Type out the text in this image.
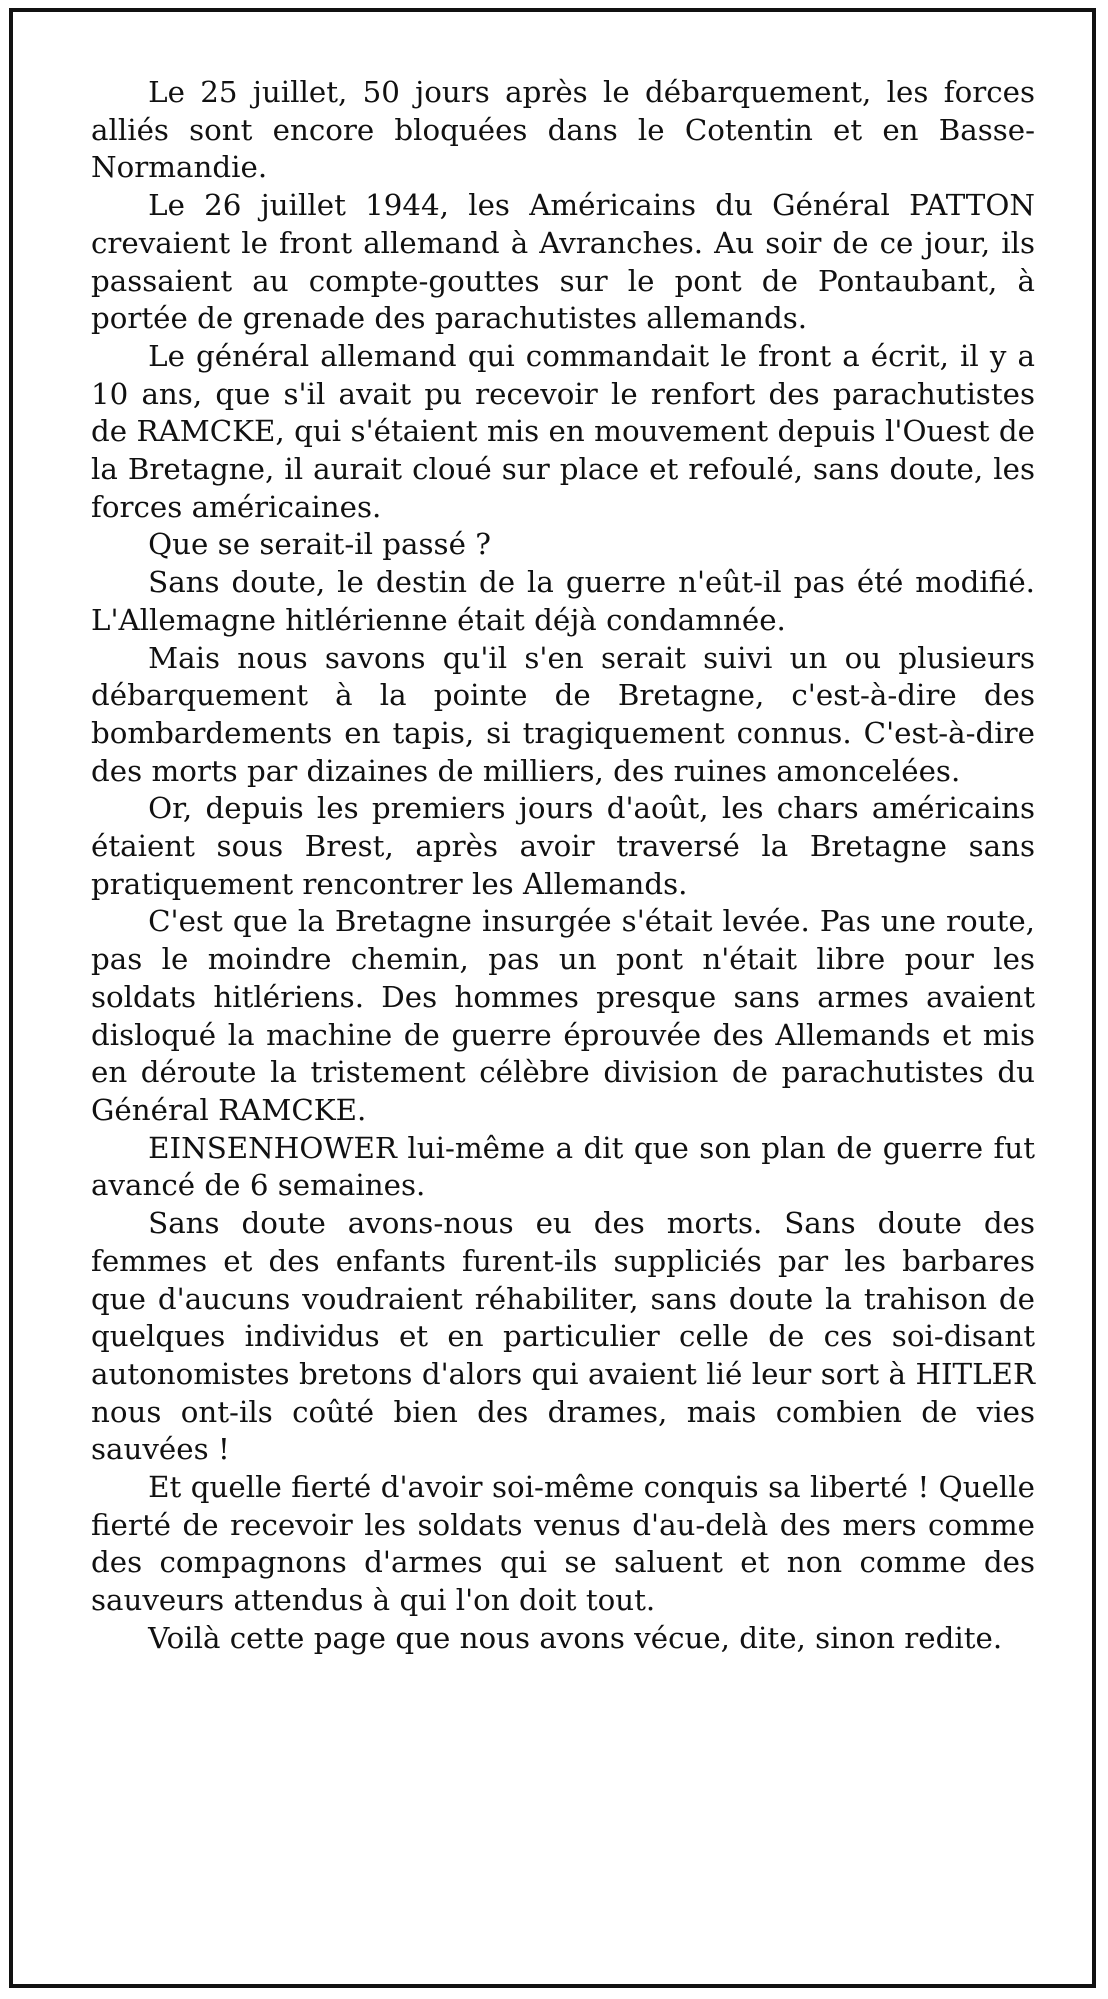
Le 25 juillet, 50 jours après le débarquement, les forces alliés sont encore bloquées dans le Cotentin et en Basse-Normandie.

Le 26 juillet 1944, les Américains du Général PATTON crevaient le front allemand à Avranches. Au soir de ce jour, ils passaient au compte-gouttes sur le pont de Pontaubant, à portée de grenade des parachutistes allemands.

Le général allemand qui commandait le front a écrit, il y a 10 ans, que s'il avait pu recevoir le renfort des parachutistes de RAMCKE, qui s'étaient mis en mouvement depuis l'Ouest de la Bretagne, il aurait cloué sur place et refoulé, sans doute, les forces américaines.

Que se serait-il passé ?

Sans doute, le destin de la guerre n'eût-il pas été modifié. L'Allemagne hitlérienne était déjà condamnée.

Mais nous savons qu'il s'en serait suivi un ou plusieurs débarquement à la pointe de Bretagne, c'est-à-dire des bombardements en tapis, si tragiquement connus. C'est-à-dire des morts par dizaines de milliers, des ruines amoncelées.

Or, depuis les premiers jours d'août, les chars américains étaient sous Brest, après avoir traversé la Bretagne sans pratiquement rencontrer les Allemands.

C'est que la Bretagne insurgée s'était levée. Pas une route, pas le moindre chemin, pas un pont n'était libre pour les soldats hitlériens. Des hommes presque sans armes avaient disloqué la machine de guerre éprouvée des Allemands et mis en déroute la tristement célèbre division de parachutistes du Général RAMCKE.

EINSENHOWER lui-même a dit que son plan de guerre fut avancé de 6 semaines.

Sans doute avons-nous eu des morts. Sans doute des femmes et des enfants furent-ils suppliciés par les barbares que d'aucuns voudraient réhabiliter, sans doute la trahison de quelques individus et en particulier celle de ces soi-disant autonomistes bretons d'alors qui avaient lié leur sort à HITLER nous ont-ils coûté bien des drames, mais combien de vies sauvées !

Et quelle fierté d'avoir soi-même conquis sa liberté ! Quelle fierté de recevoir les soldats venus d'au-delà des mers comme des compagnons d'armes qui se saluent et non comme des sauveurs attendus à qui l'on doit tout.

Voilà cette page que nous avons vécue, dite, sinon redite.
